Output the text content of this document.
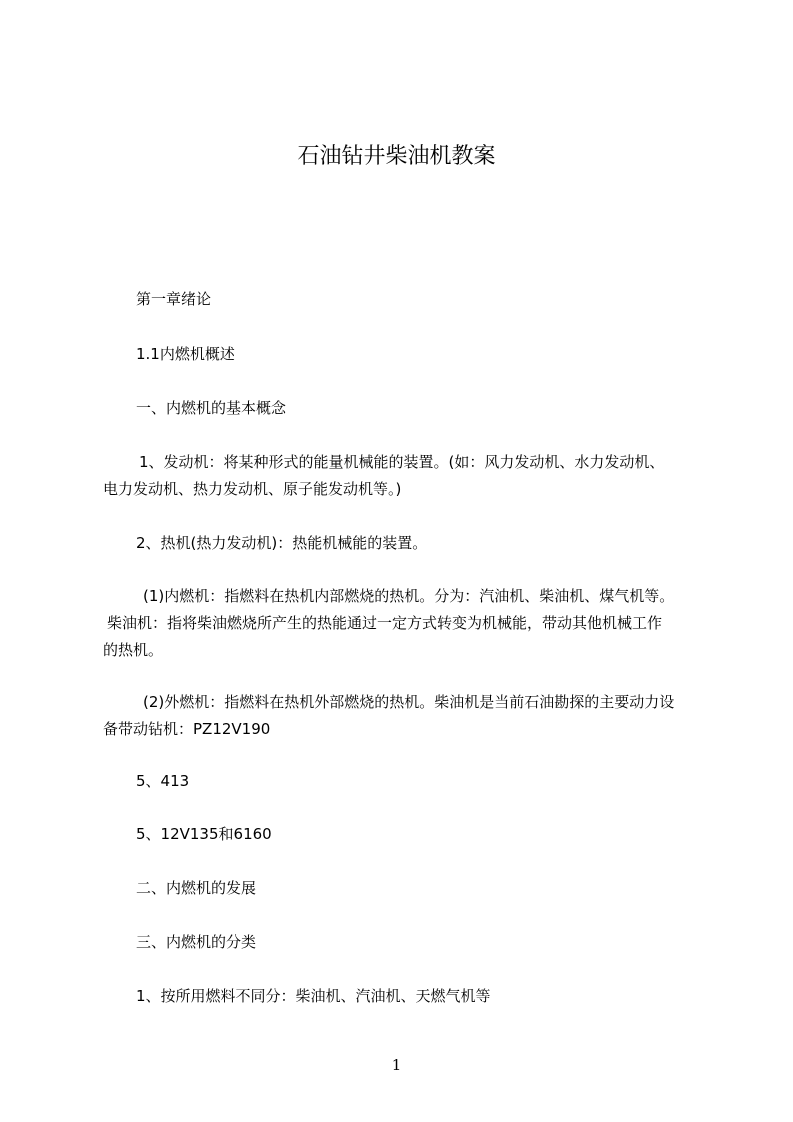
石油钻井柴油机教案
第一章绪论
1.1内燃机概述
一、内燃机的基本概念
1、发动机：将某种形式的能量机械能的装置。(如：风力发动机、水力发动机、
电力发动机、热力发动机、原子能发动机等。)
2、热机(热力发动机)：热能机械能的装置。
(1)内燃机：指燃料在热机内部燃烧的热机。分为：汽油机、柴油机、煤气机等。
柴油机：指将柴油燃烧所产生的热能通过一定方式转变为机械能，带动其他机械工作
的热机。
(2)外燃机：指燃料在热机外部燃烧的热机。柴油机是当前石油勘探的主要动力设
备带动钻机：PZ12V190
5、413
5、12V135和6160
二、内燃机的发展
三、内燃机的分类
1、按所用燃料不同分：柴油机、汽油机、天燃气机等
1
